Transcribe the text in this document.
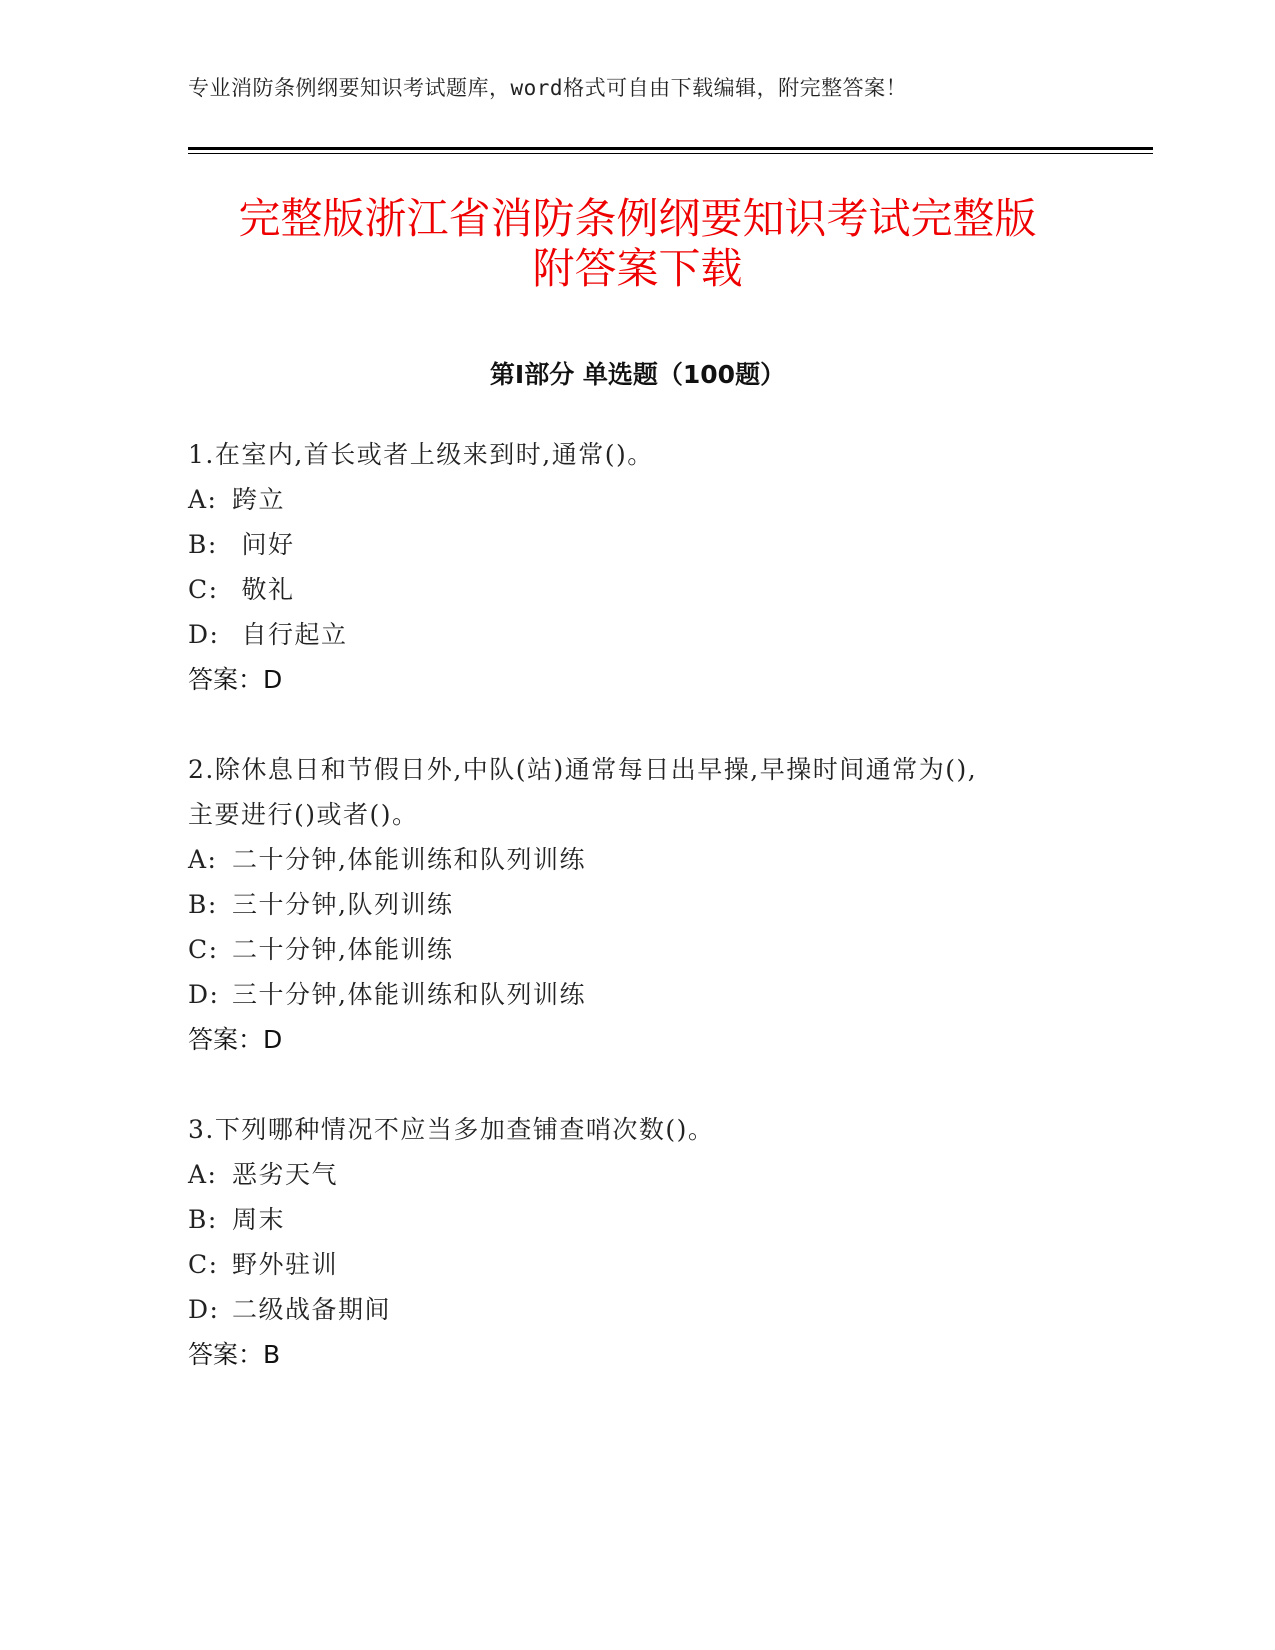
专业消防条例纲要知识考试题库，word格式可自由下载编辑，附完整答案！
完整版浙江省消防条例纲要知识考试完整版
附答案下载
第Ⅰ部分 单选题（100题）
1.在室内,首长或者上级来到时,通常()。
A: 跨立
B: 问好
C: 敬礼
D: 自行起立
答案：D
2.除休息日和节假日外,中队(站)通常每日出早操,早操时间通常为(),
主要进行()或者()。
A: 二十分钟,体能训练和队列训练
B: 三十分钟,队列训练
C: 二十分钟,体能训练
D: 三十分钟,体能训练和队列训练
答案：D
3.下列哪种情况不应当多加查铺查哨次数()。
A: 恶劣天气
B: 周末
C: 野外驻训
D: 二级战备期间
答案：B
